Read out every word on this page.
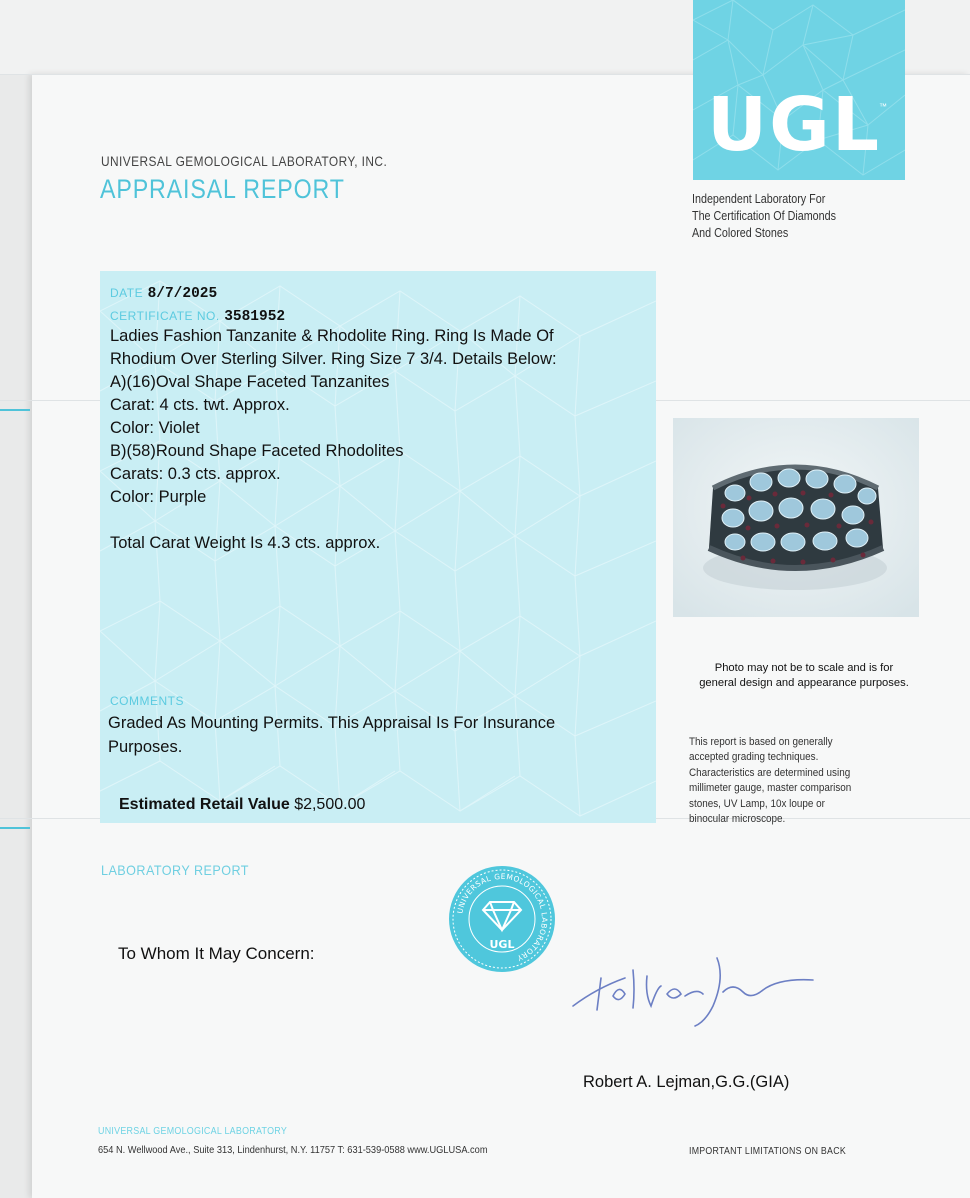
UGL
™
Independent Laboratory For
The Certification Of Diamonds
And Colored Stones
UNIVERSAL GEMOLOGICAL LABORATORY, INC.
APPRAISAL REPORT
DATE 8/7/2025
CERTIFICATE NO. 3581952
Ladies Fashion Tanzanite & Rhodolite Ring. Ring Is Made Of
Rhodium Over Sterling Silver. Ring Size 7 3/4. Details Below:
A)(16)Oval Shape Faceted Tanzanites
Carat: 4 cts. twt. Approx.
Color: Violet
B)(58)Round Shape Faceted Rhodolites
Carats: 0.3 cts. approx.
Color: Purple
Total Carat Weight Is 4.3 cts. approx.
COMMENTS
Graded As Mounting Permits. This Appraisal Is For Insurance
Purposes.
Estimated Retail Value $2,500.00
Photo may not be to scale and is for
general design and appearance purposes.
This report is based on generally
accepted grading techniques.
Characteristics are determined using
millimeter gauge, master comparison
stones, UV Lamp, 10x loupe or
binocular microscope.
LABORATORY REPORT
UNIVERSAL GEMOLOGICAL LABORATORY
UGL
To Whom It May Concern:
Robert A. Lejman,G.G.(GIA)
UNIVERSAL GEMOLOGICAL LABORATORY
654 N. Wellwood Ave., Suite 313, Lindenhurst, N.Y. 11757 T: 631-539-0588 www.UGLUSA.com	IMPORTANT LIMITATIONS ON BACK
